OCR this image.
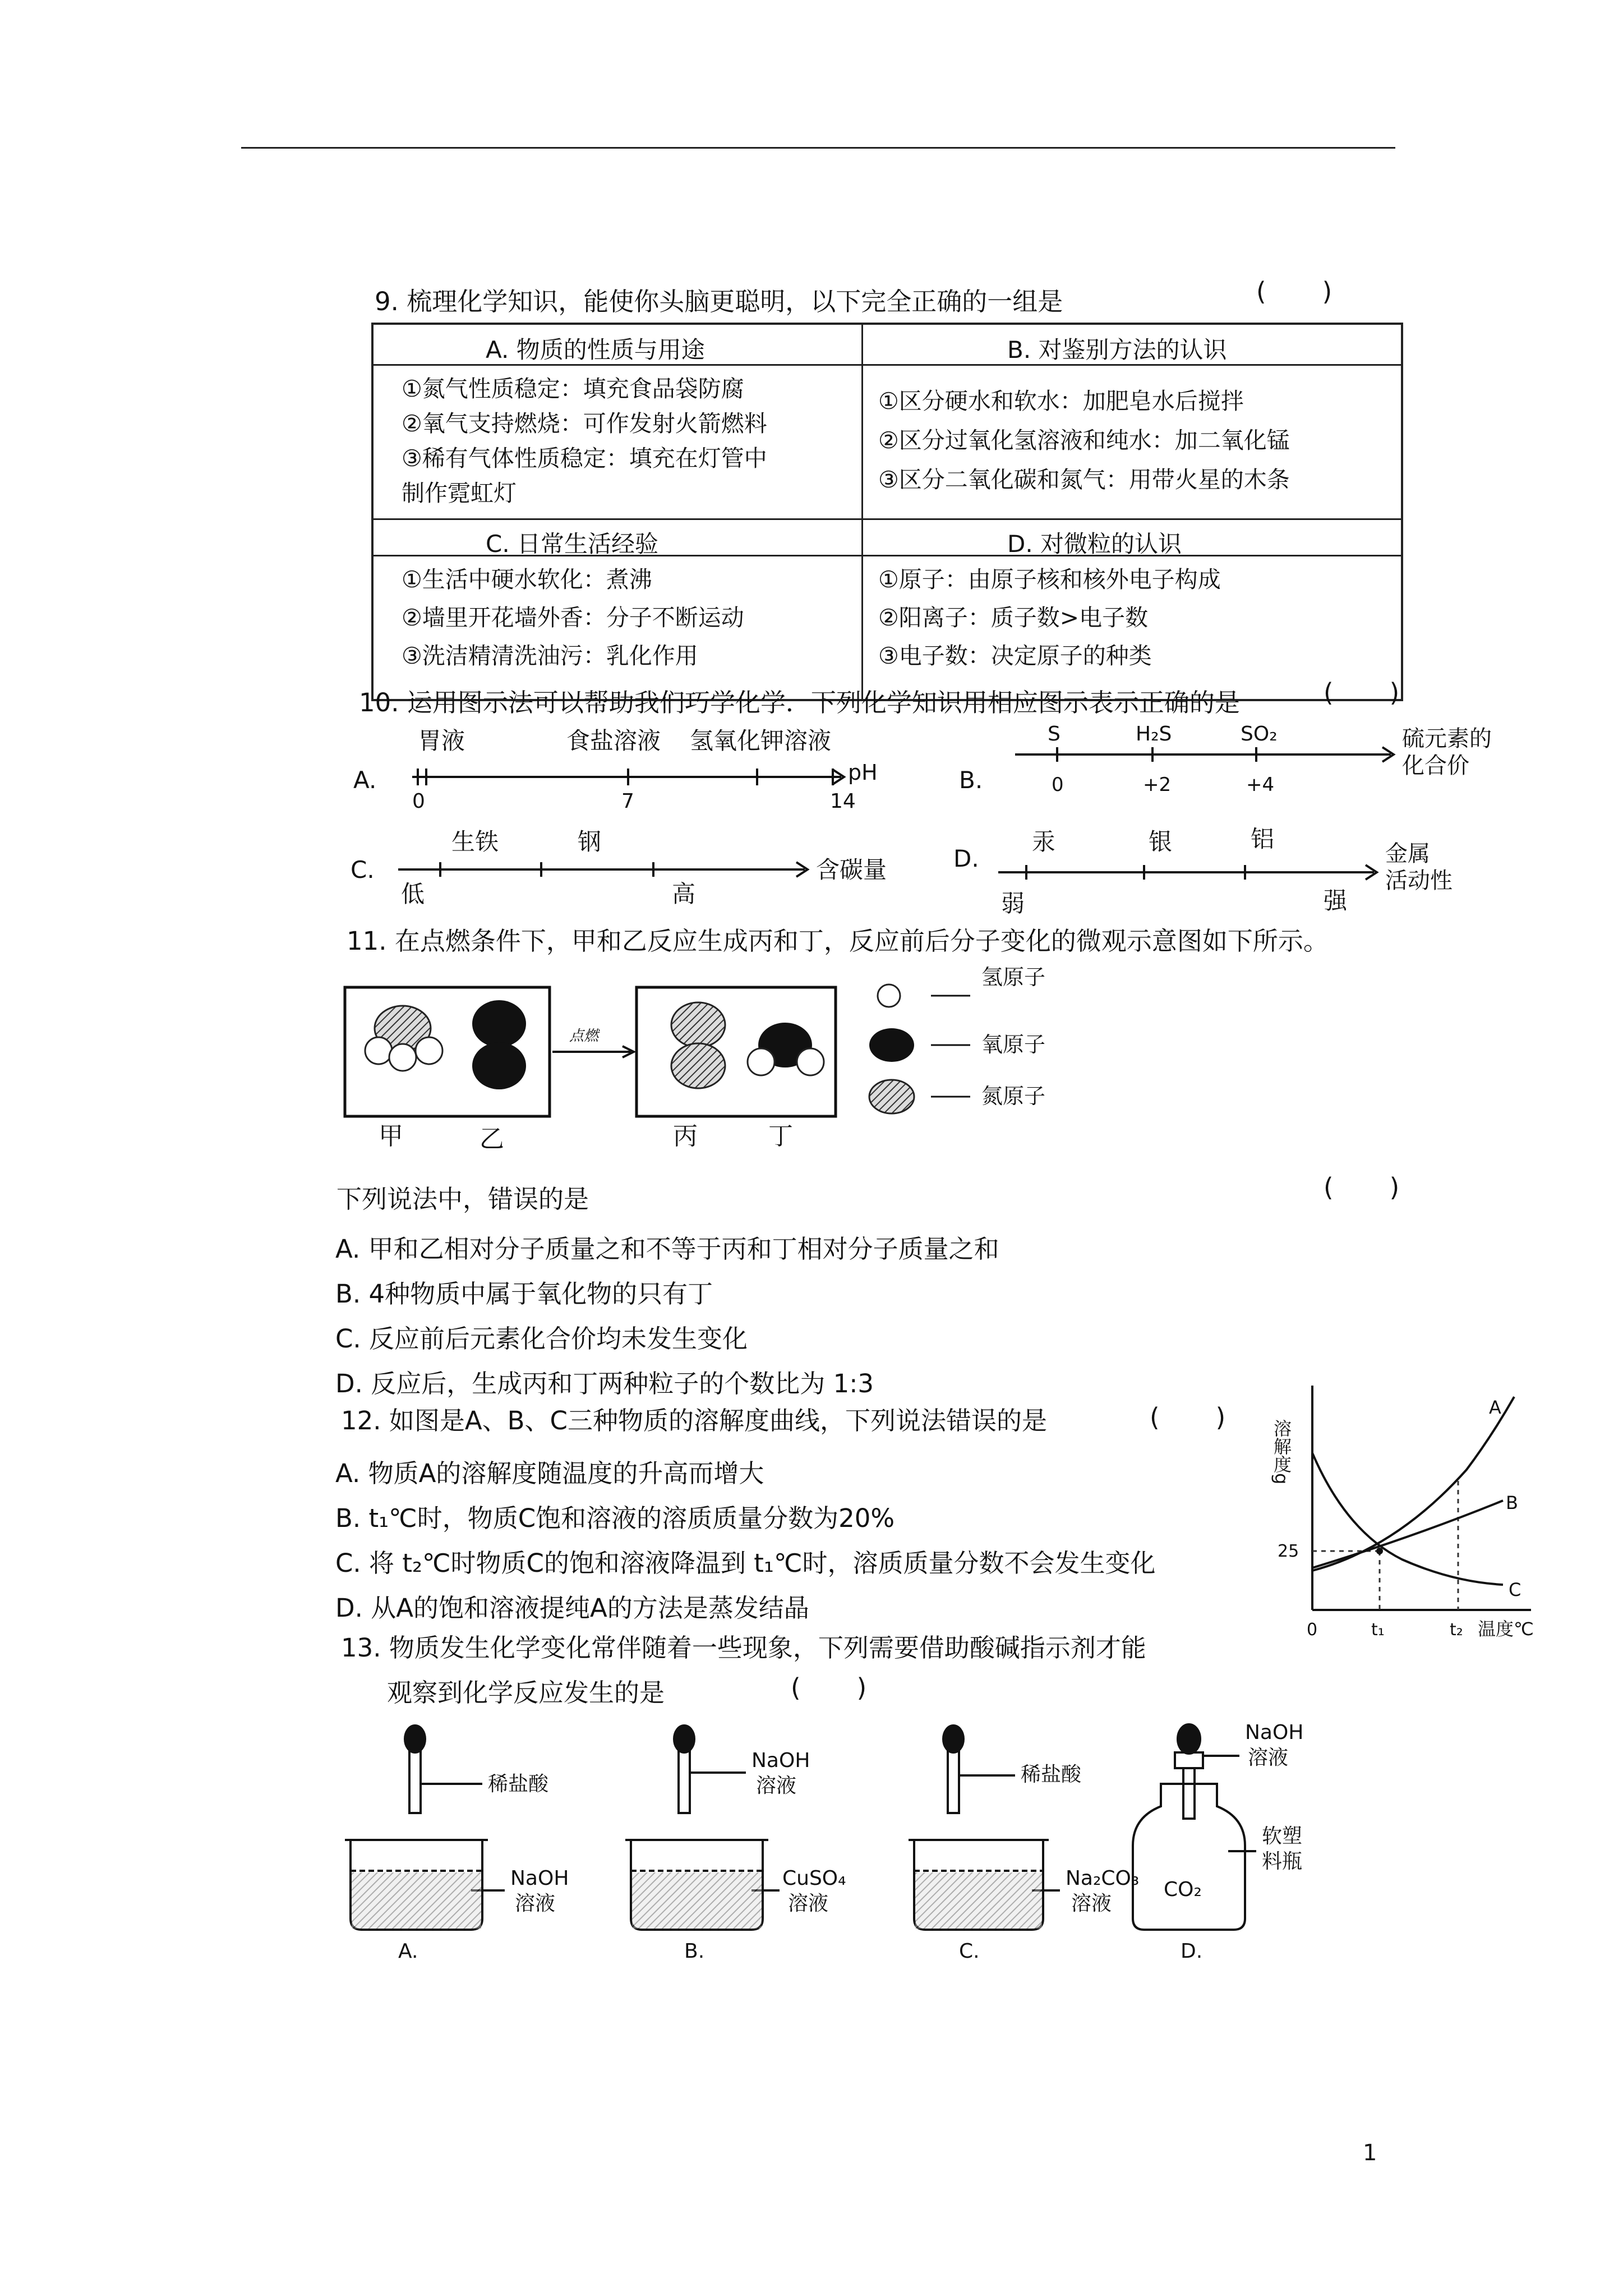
9. 梳理化学知识，能使你头脑更聪明，以下完全正确的一组是	(       )
A. 物质的性质与用途
①氮气性质稳定：填充食品袋防腐
②氧气支持燃烧：可作发射火箭燃料
③稀有气体性质稳定：填充在灯管中
制作霓虹灯
B. 对鉴别方法的认识
①区分硬水和软水：加肥皂水后搅拌
②区分过氧化氢溶液和纯水：加二氧化锰
③区分二氧化碳和氮气：用带火星的木条
C. 日常生活经验
①生活中硬水软化：煮沸
②墙里开花墙外香：分子不断运动
③洗洁精清洗油污：乳化作用
D. 对微粒的认识
①原子：由原子核和核外电子构成
②阳离子：质子数>电子数
③电子数：决定原子的种类
10. 运用图示法可以帮助我们巧学化学．下列化学知识用相应图示表示正确的是	(       )
A.
胃液	食盐溶液 氢氧化钾溶液
0	7	14
pH	B.
S	H₂S	SO₂
0	+2	+4
硫元素的
化合价
C.
生铁	钢
低	高
含碳量	D.
汞	银	铝
弱	强
金属
活动性
11. 在点燃条件下，甲和乙反应生成丙和丁，反应前后分子变化的微观示意图如下所示。
点燃
甲	乙	丙	丁
氢原子
氧原子
氮原子
下列说法中，错误的是	(       )
A. 甲和乙相对分子质量之和不等于丙和丁相对分子质量之和
B. 4种物质中属于氧化物的只有丁
C. 反应前后元素化合价均未发生变化
D. 反应后，生成丙和丁两种粒子的个数比为 1:3
12. 如图是A、B、C三种物质的溶解度曲线，下列说法错误的是	(       )
A. 物质A的溶解度随温度的升高而增大
B. t₁℃时，物质C饱和溶液的溶质质量分数为20%
C. 将 t₂℃时物质C的饱和溶液降温到 t₁℃时，溶质质量分数不会发生变化
D. 从A的饱和溶液提纯A的方法是蒸发结晶
溶解度g
25
0	t₁	t₂ 温度℃
A
B
C
13. 物质发生化学变化常伴随着一些现象，下列需要借助酸碱指示剂才能
观察到化学反应发生的是	(       )
稀盐酸
NaOH
溶液
A.
NaOH
溶液
CuSO₄
溶液
B.
稀盐酸
Na₂CO₃
溶液
C.
NaOH
溶液
软塑
料瓶
CO₂
D.
1
